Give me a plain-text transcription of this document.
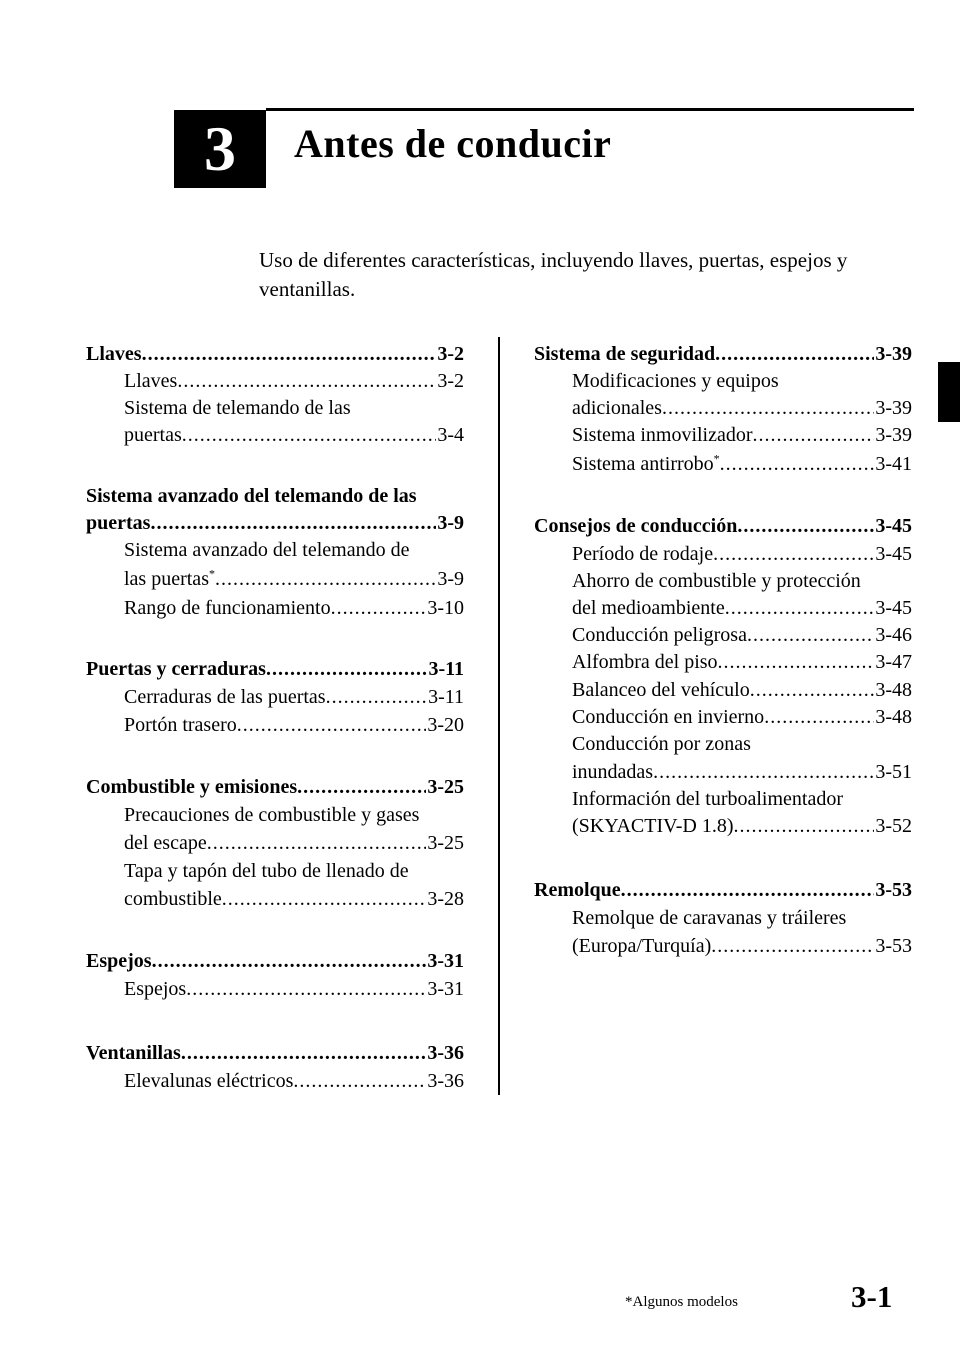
3	Antes de conducir
Uso de diferentes características, incluyendo llaves, puertas, espejos y ventanillas.
Llaves .....	3-2
Llaves .....	3-2
Sistema de telemando de las
puertas .....	3-4
Sistema avanzado del telemando de las
puertas .....	3-9
Sistema avanzado del telemando de
las puertas* .....	3-9
Rango de funcionamiento .....	3-10
Puertas y cerraduras .....	3-11
Cerraduras de las puertas .....	3-11
Portón trasero .....	3-20
Combustible y emisiones .....	3-25
Precauciones de combustible y gases
del escape .....	3-25
Tapa y tapón del tubo de llenado de
combustible .....	3-28
Espejos .....	3-31
Espejos .....	3-31
Ventanillas .....	3-36
Elevalunas eléctricos .....	3-36
Sistema de seguridad .....	3-39
Modificaciones y equipos
adicionales .....	3-39
Sistema inmovilizador .....	3-39
Sistema antirrobo* .....	3-41
Consejos de conducción .....	3-45
Período de rodaje .....	3-45
Ahorro de combustible y protección
del medioambiente .....	3-45
Conducción peligrosa .....	3-46
Alfombra del piso .....	3-47
Balanceo del vehículo .....	3-48
Conducción en invierno .....	3-48
Conducción por zonas
inundadas .....	3-51
Información del turboalimentador
(SKYACTIV-D 1.8) .....	3-52
Remolque .....	3-53
Remolque de caravanas y tráileres
(Europa/Turquía) .....	3-53
*Algunos modelos	3-1
